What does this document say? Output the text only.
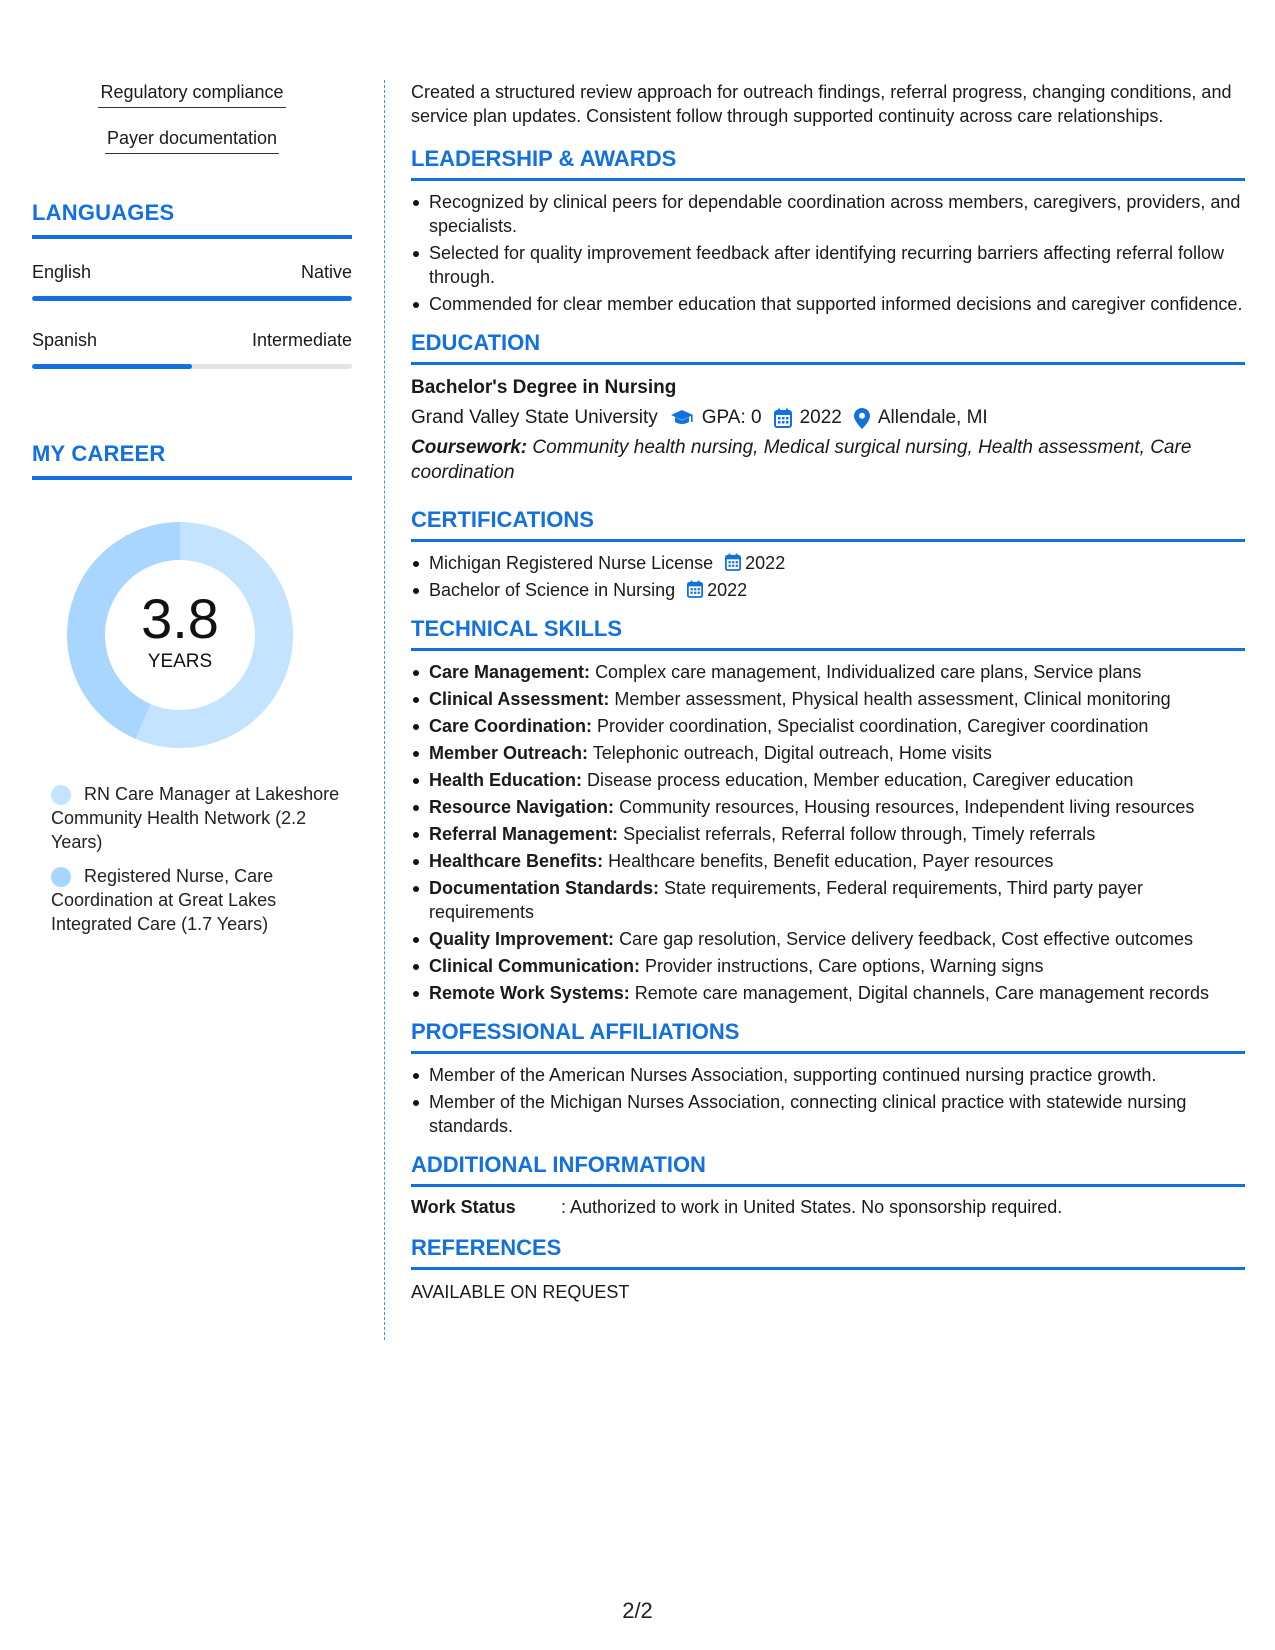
Regulatory compliance
Payer documentation
LANGUAGES
English	Native
Spanish	Intermediate
MY CAREER
3.8
YEARS
RN Care Manager at Lakeshore Community Health Network (2.2 Years)
Registered Nurse, Care Coordination at Great Lakes Integrated Care (1.7 Years)

Created a structured review approach for outreach findings, referral progress, changing conditions, and service plan updates. Consistent follow through supported continuity across care relationships.

LEADERSHIP & AWARDS
Recognized by clinical peers for dependable coordination across members, caregivers, providers, and specialists.
Selected for quality improvement feedback after identifying recurring barriers affecting referral follow through.
Commended for clear member education that supported informed decisions and caregiver confidence.
EDUCATION
Bachelor's Degree in Nursing
Grand Valley State University GPA: 0 2022 Allendale, MI
Coursework: Community health nursing, Medical surgical nursing, Health assessment, Care coordination
CERTIFICATIONS
Michigan Registered Nurse License 2022
Bachelor of Science in Nursing 2022
TECHNICAL SKILLS
Care Management: Complex care management, Individualized care plans, Service plans
Clinical Assessment: Member assessment, Physical health assessment, Clinical monitoring
Care Coordination: Provider coordination, Specialist coordination, Caregiver coordination
Member Outreach: Telephonic outreach, Digital outreach, Home visits
Health Education: Disease process education, Member education, Caregiver education
Resource Navigation: Community resources, Housing resources, Independent living resources
Referral Management: Specialist referrals, Referral follow through, Timely referrals
Healthcare Benefits: Healthcare benefits, Benefit education, Payer resources
Documentation Standards: State requirements, Federal requirements, Third party payer requirements
Quality Improvement: Care gap resolution, Service delivery feedback, Cost effective outcomes
Clinical Communication: Provider instructions, Care options, Warning signs
Remote Work Systems: Remote care management, Digital channels, Care management records
PROFESSIONAL AFFILIATIONS
Member of the American Nurses Association, supporting continued nursing practice growth.
Member of the Michigan Nurses Association, connecting clinical practice with statewide nursing standards.
ADDITIONAL INFORMATION
Work Status	: Authorized to work in United States. No sponsorship required.
REFERENCES
AVAILABLE ON REQUEST
2/2
